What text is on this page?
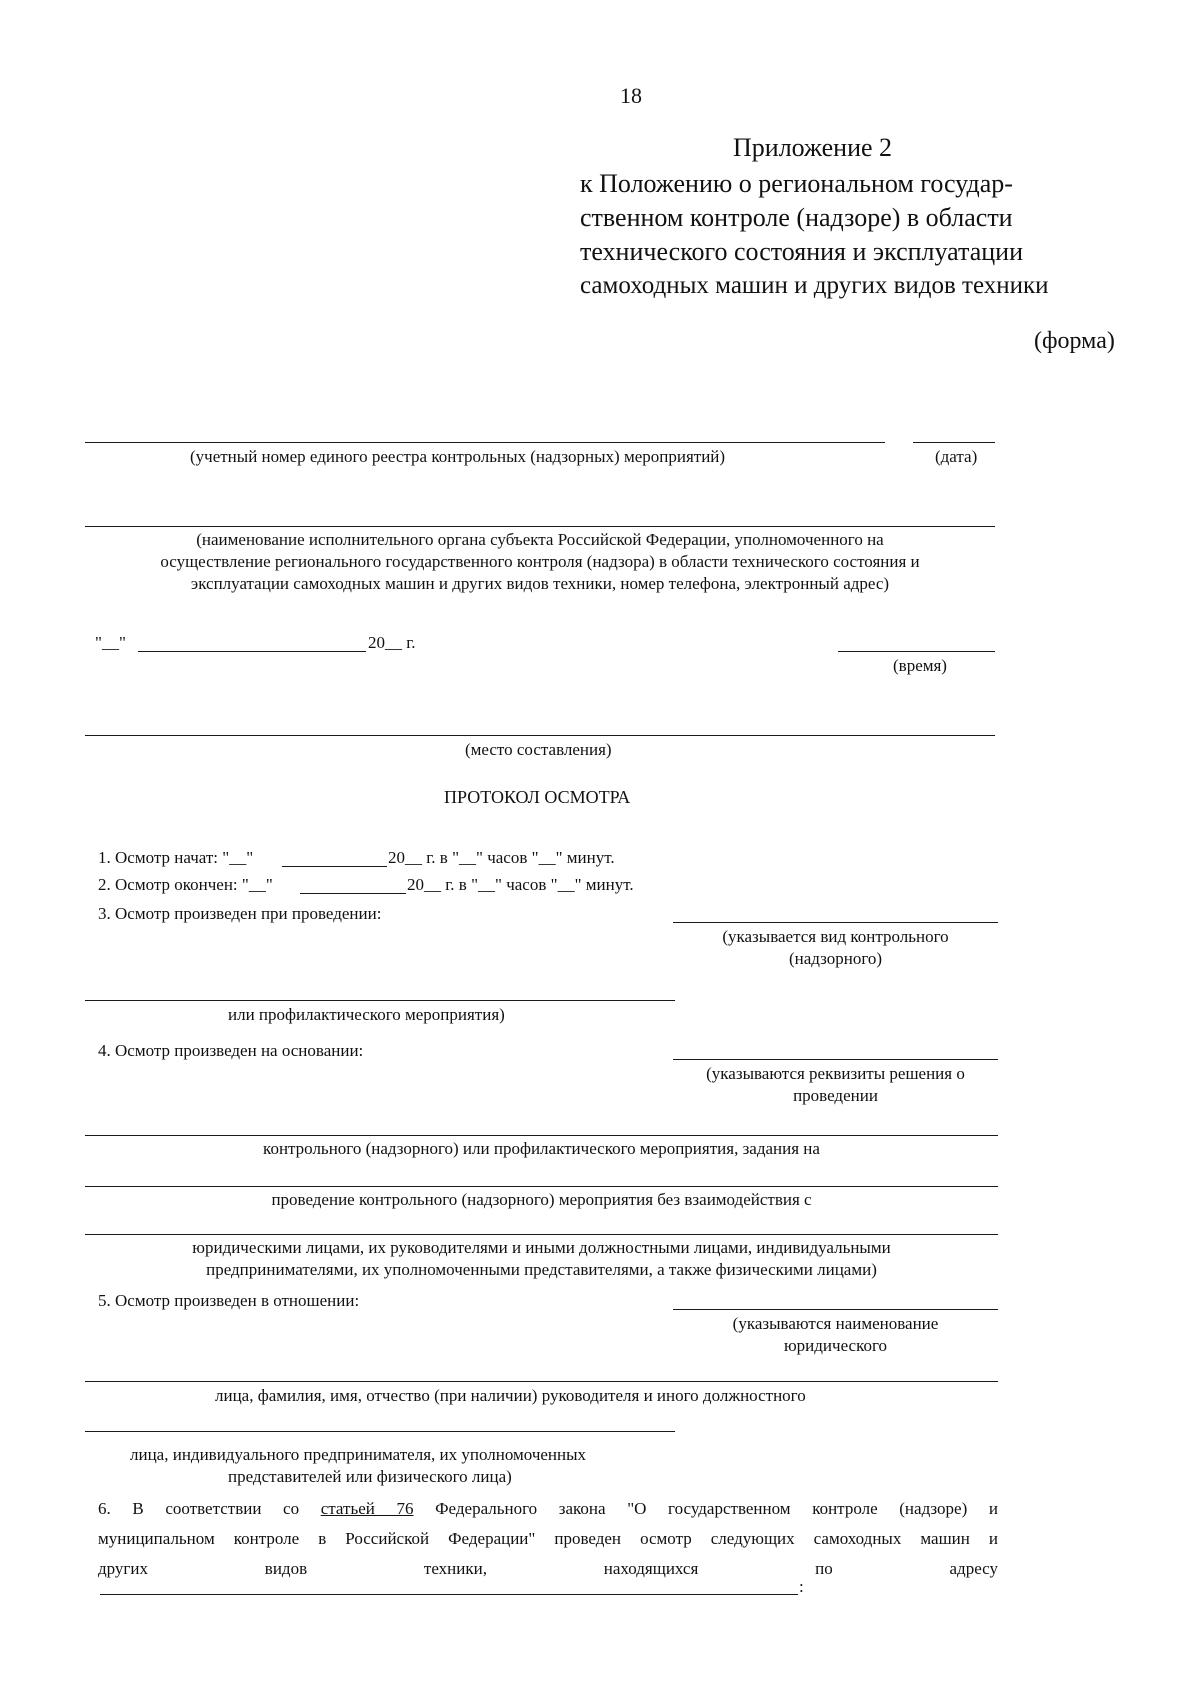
18
Приложение 2
к Положению о региональном государ-
ственном контроле (надзоре) в области
технического состояния и эксплуатации
самоходных машин и других видов техники
(форма)
(учетный номер единого реестра контрольных (надзорных) мероприятий)	(дата)
(наименование исполнительного органа субъекта Российской Федерации, уполномоченного на
осуществление регионального государственного контроля (надзора) в области технического состояния и
эксплуатации самоходных машин и других видов техники, номер телефона, электронный адрес)
"__"	20__ г.
(время)
(место составления)
ПРОТОКОЛ ОСМОТРА
1. Осмотр начат: "__"	20__ г. в "__" часов "__" минут.
2. Осмотр окончен: "__"	20__ г. в "__" часов "__" минут.
3. Осмотр произведен при проведении:
(указывается вид контрольного
(надзорного)
или профилактического мероприятия)
4. Осмотр произведен на основании:
(указываются реквизиты решения о
проведении
контрольного (надзорного) или профилактического мероприятия, задания на
проведение контрольного (надзорного) мероприятия без взаимодействия с
юридическими лицами, их руководителями и иными должностными лицами, индивидуальными
предпринимателями, их уполномоченными представителями, а также физическими лицами)
5. Осмотр произведен в отношении:
(указываются наименование
юридического
лица, фамилия, имя, отчество (при наличии) руководителя и иного должностного
лица, индивидуального предпринимателя, их уполномоченных
представителей или физического лица)
6. В соответствии со статьей 76 Федерального закона "О государственном контроле (надзоре) и
муниципальном контроле в Российской Федерации" проведен осмотр следующих самоходных машин и
других видов техники, находящихся по адресу
:
